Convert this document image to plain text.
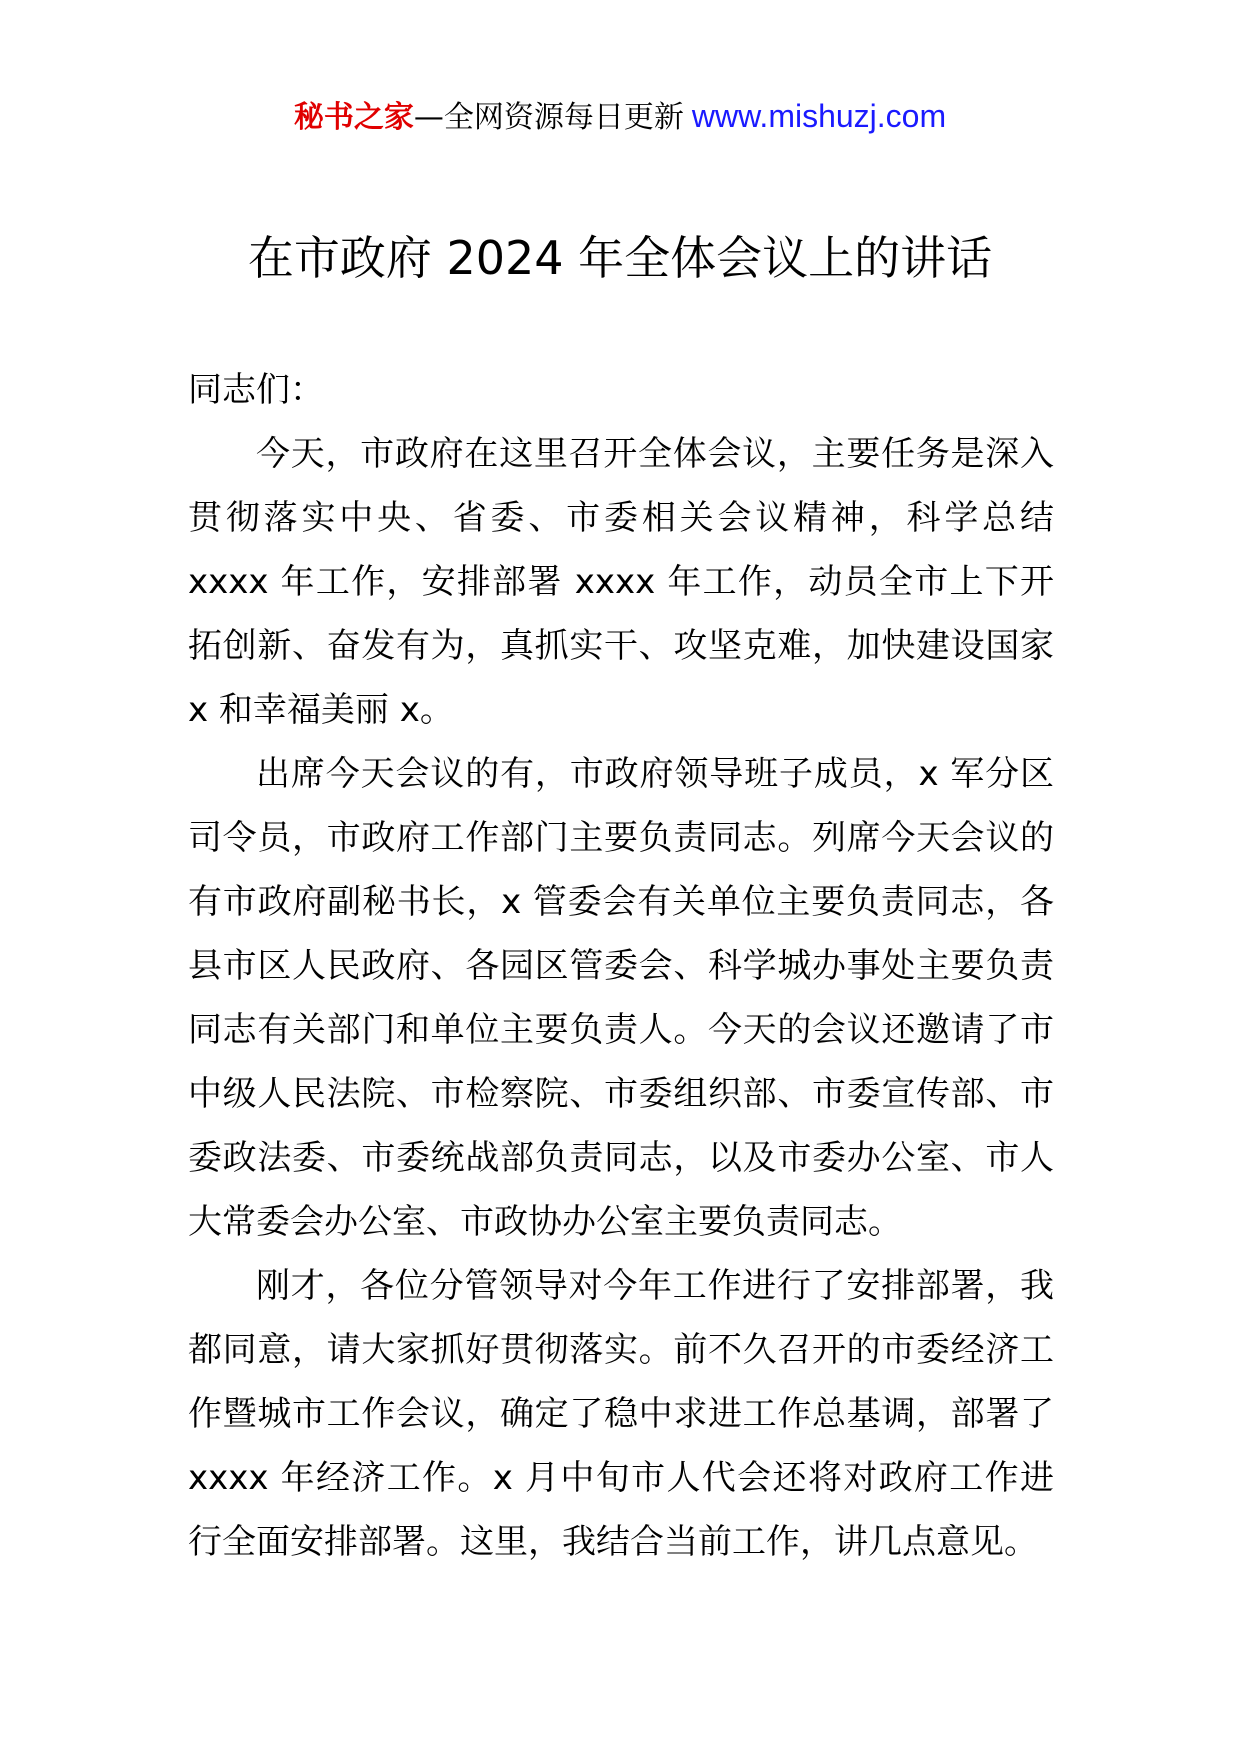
秘书之家—全网资源每日更新 www.mishuzj.com
在市政府 2024 年全体会议上的讲话

同志们：

今天，市政府在这里召开全体会议，主要任务是深入贯彻落实中央、省委、市委相关会议精神，科学总结 xxxx 年工作，安排部署 xxxx 年工作，动员全市上下开拓创新、奋发有为，真抓实干、攻坚克难，加快建设国家 x 和幸福美丽 x。

出席今天会议的有，市政府领导班子成员，x 军分区司令员，市政府工作部门主要负责同志。列席今天会议的有市政府副秘书长，x 管委会有关单位主要负责同志，各县市区人民政府、各园区管委会、科学城办事处主要负责同志有关部门和单位主要负责人。今天的会议还邀请了市中级人民法院、市检察院、市委组织部、市委宣传部、市委政法委、市委统战部负责同志，以及市委办公室、市人大常委会办公室、市政协办公室主要负责同志。

刚才，各位分管领导对今年工作进行了安排部署，我都同意，请大家抓好贯彻落实。前不久召开的市委经济工作暨城市工作会议，确定了稳中求进工作总基调，部署了 xxxx 年经济工作。x 月中旬市人代会还将对政府工作进行全面安排部署。这里，我结合当前工作，讲几点意见。
